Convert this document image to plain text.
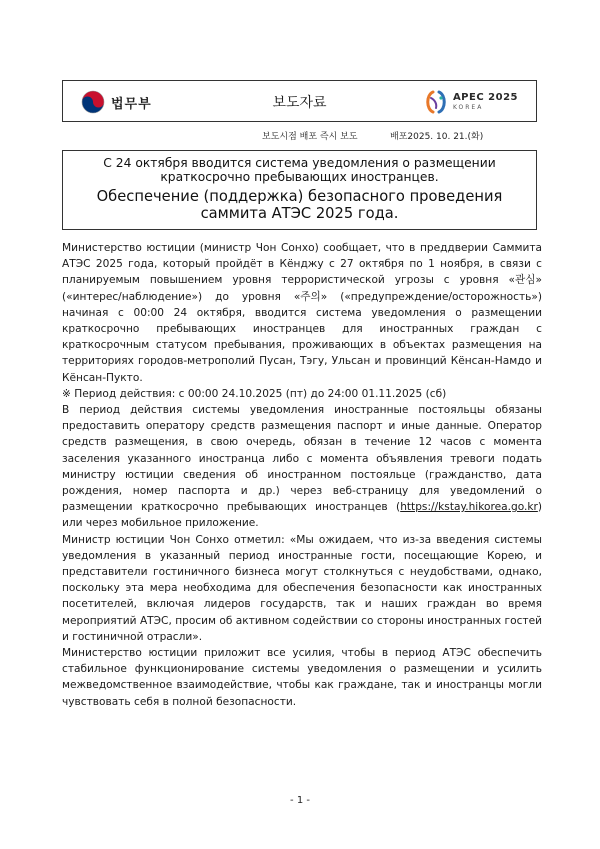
법무부	보도자료	APEC 2025
KOREA
보도시점 배포 즉시 보도	배포2025. 10. 21.(화)
С 24 октября вводится система уведомления о размещении краткосрочно пребывающих иностранцев.
Обеспечение (поддержка) безопасного проведения саммита АТЭС 2025 года.

Министерство юстиции (министр Чон Сонхо) сообщает, что в преддверии Саммита АТЭС 2025 года, который пройдёт в Кёнджу с 27 октября по 1 ноября, в связи с планируемым повышением уровня террористической угрозы с уровня «관심» («интерес/наблюдение») до уровня «주의» («предупреждение/осторожность») начиная с 00:00 24 октября, вводится система уведомления о размещении краткосрочно пребывающих иностранцев для иностранных граждан с краткосрочным статусом пребывания, проживающих в объектах размещения на территориях городов-метрополий Пусан, Тэгу, Ульсан и провинций Кёнсан-Намдо и Кёнсан-Пукто.

※ Период действия: с 00:00 24.10.2025 (пт) до 24:00 01.11.2025 (сб)

В период действия системы уведомления иностранные постояльцы обязаны предоставить оператору средств размещения паспорт и иные данные. Оператор средств размещения, в свою очередь, обязан в течение 12 часов с момента заселения указанного иностранца либо с момента объявления тревоги подать министру юстиции сведения об иностранном постояльце (гражданство, дата рождения, номер паспорта и др.) через веб-страницу для уведомлений о размещении краткосрочно пребывающих иностранцев (https://kstay.hikorea.go.kr) или через мобильное приложение.

Министр юстиции Чон Сонхо отметил: «Мы ожидаем, что из-за введения системы уведомления в указанный период иностранные гости, посещающие Корею, и представители гостиничного бизнеса могут столкнуться с неудобствами, однако, поскольку эта мера необходима для обеспечения безопасности как иностранных посетителей, включая лидеров государств, так и наших граждан во время мероприятий АТЭС, просим об активном содействии со стороны иностранных гостей и гостиничной отрасли».

Министерство юстиции приложит все усилия, чтобы в период АТЭС обеспечить стабильное функционирование системы уведомления о размещении и усилить межведомственное взаимодействие, чтобы как граждане, так и иностранцы могли чувствовать себя в полной безопасности.

- 1 -
